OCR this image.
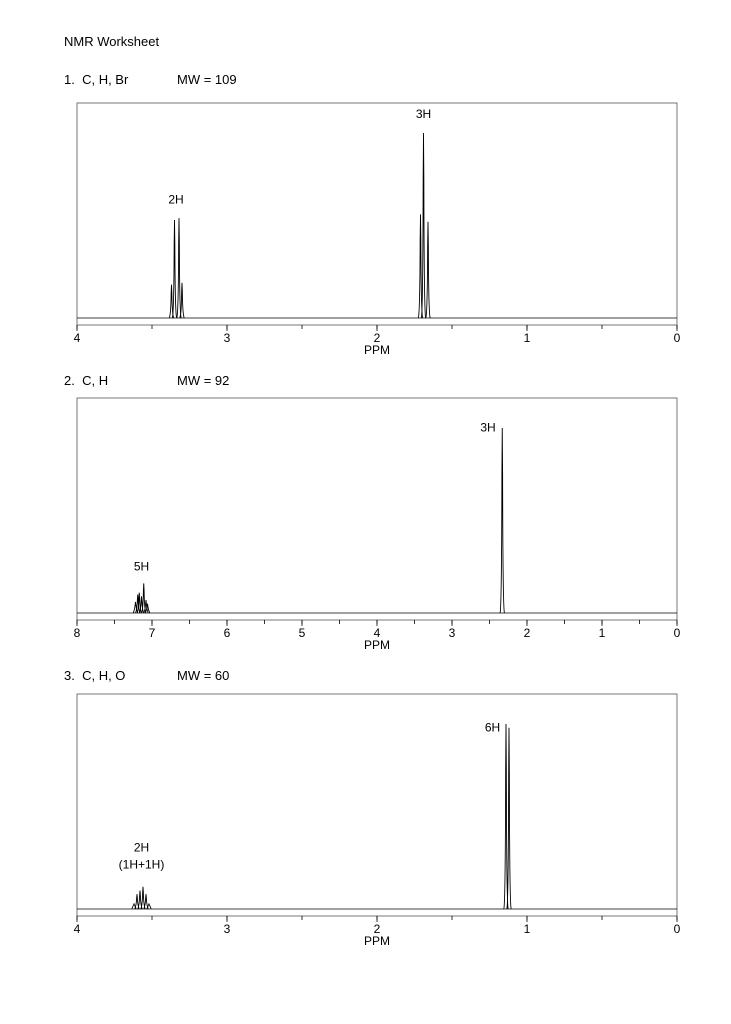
NMR Worksheet
1. C, H, Br	MW = 109
4	3	2	1	0
PPM
2H
3H
2. C, H	MW = 92
8	7	6	5	4	3	2	1	0
PPM
5H
3H
3. C, H, O	MW = 60
4	3	2	1	0
PPM
2H
(1H+1H)
6H
